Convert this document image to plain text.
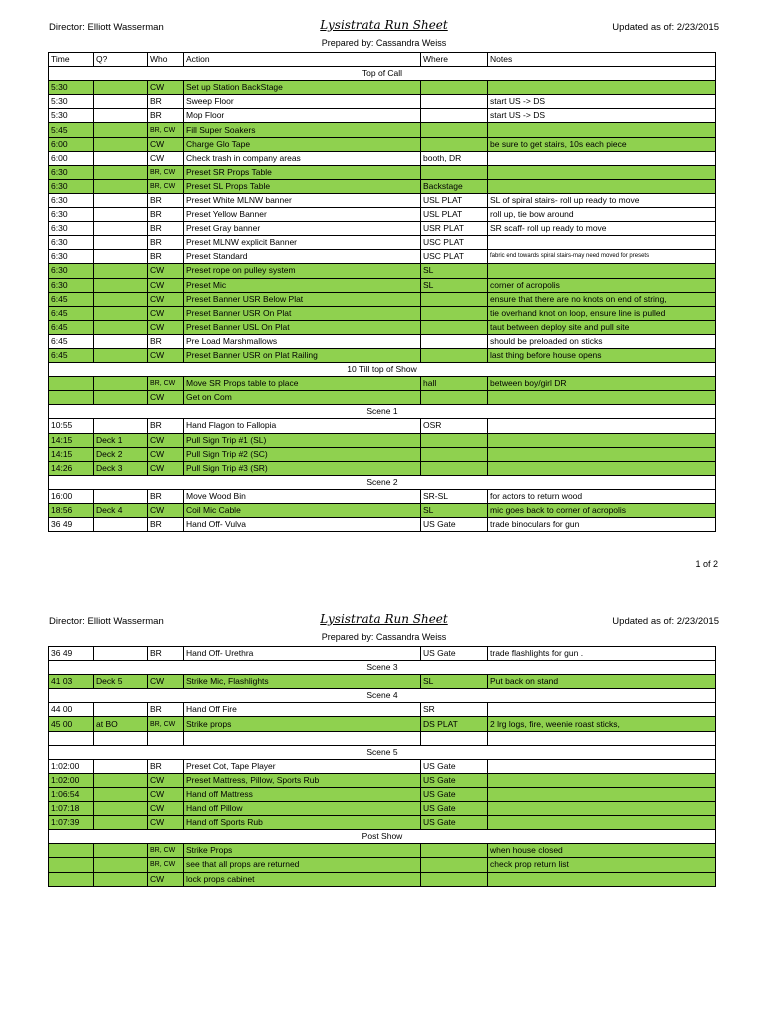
Director: Elliott Wasserman	Lysistrata Run Sheet	Updated as of: 2/23/2015
Prepared by: Cassandra Weiss
Time	Q?	Who	Action	Where	Notes
Top of Call					
5:30		CW	Set up Station BackStage		
5:30		BR	Sweep Floor		start US -> DS
5:30		BR	Mop Floor		start US -> DS
5:45		BR, CW	Fill Super Soakers		
6:00		CW	Charge Glo Tape		be sure to get stairs, 10s each piece
6:00		CW	Check trash in company areas	booth, DR	
6:30		BR, CW	Preset SR Props Table		
6:30		BR, CW	Preset SL Props Table	Backstage	
6:30		BR	Preset White MLNW banner	USL PLAT	SL of spiral stairs- roll up ready to move
6:30		BR	Preset Yellow Banner	USL PLAT	roll up, tie bow around
6:30		BR	Preset Gray banner	USR PLAT	SR scaff- roll up ready to move
6:30		BR	Preset MLNW explicit Banner	USC PLAT	
6:30		BR	Preset Standard	USC PLAT	fabric end towards spiral stairs-may need moved for presets
6:30		CW	Preset rope on pulley system	SL	
6:30		CW	Preset Mic	SL	corner of acropolis
6:45		CW	Preset Banner USR Below Plat		ensure that there are no knots on end of string,
6:45		CW	Preset Banner USR On Plat		tie overhand knot on loop, ensure line is pulled
6:45		CW	Preset Banner USL On Plat		taut between deploy site and pull site
6:45		BR	Pre Load Marshmallows		should be preloaded on sticks
6:45		CW	Preset Banner USR on Plat Railing		last thing before house opens
10 Till top of Show					
		BR, CW	Move SR Props table to place	hall	between boy/girl DR
		CW	Get on Com		
Scene 1					
10:55		BR	Hand Flagon to Fallopia	OSR	
14:15	Deck 1	CW	Pull Sign Trip #1 (SL)		
14:15	Deck 2	CW	Pull Sign Trip #2 (SC)		
14:26	Deck 3	CW	Pull Sign Trip #3 (SR)		
Scene 2					
16:00		BR	Move Wood Bin	SR-SL	for actors to return wood
18:56	Deck 4	CW	Coil Mic Cable	SL	mic goes back to corner of acropolis
36 49		BR	Hand Off- Vulva	US Gate	trade binoculars for gun
1 of 2
Director: Elliott Wasserman	Lysistrata Run Sheet	Updated as of: 2/23/2015
Prepared by: Cassandra Weiss
36 49		BR	Hand Off- Urethra	US Gate	trade flashlights for gun .
Scene 3					
41 03	Deck 5	CW	Strike Mic, Flashlights	SL	Put back on stand
Scene 4					
44 00		BR	Hand Off Fire	SR	
45 00	at BO	BR, CW	Strike props	DS PLAT	2 lrg logs, fire, weenie roast sticks,

Scene 5					
1:02:00		BR	Preset Cot, Tape Player	US Gate	
1:02:00		CW	Preset Mattress, Pillow, Sports Rub	US Gate	
1:06:54		CW	Hand off Mattress	US Gate	
1:07:18		CW	Hand off Pillow	US Gate	
1:07:39		CW	Hand off Sports Rub	US Gate	
Post Show					
		BR, CW	Strike Props		when house closed
		BR, CW	see that all props are returned		check prop return list
		CW	lock props cabinet		
